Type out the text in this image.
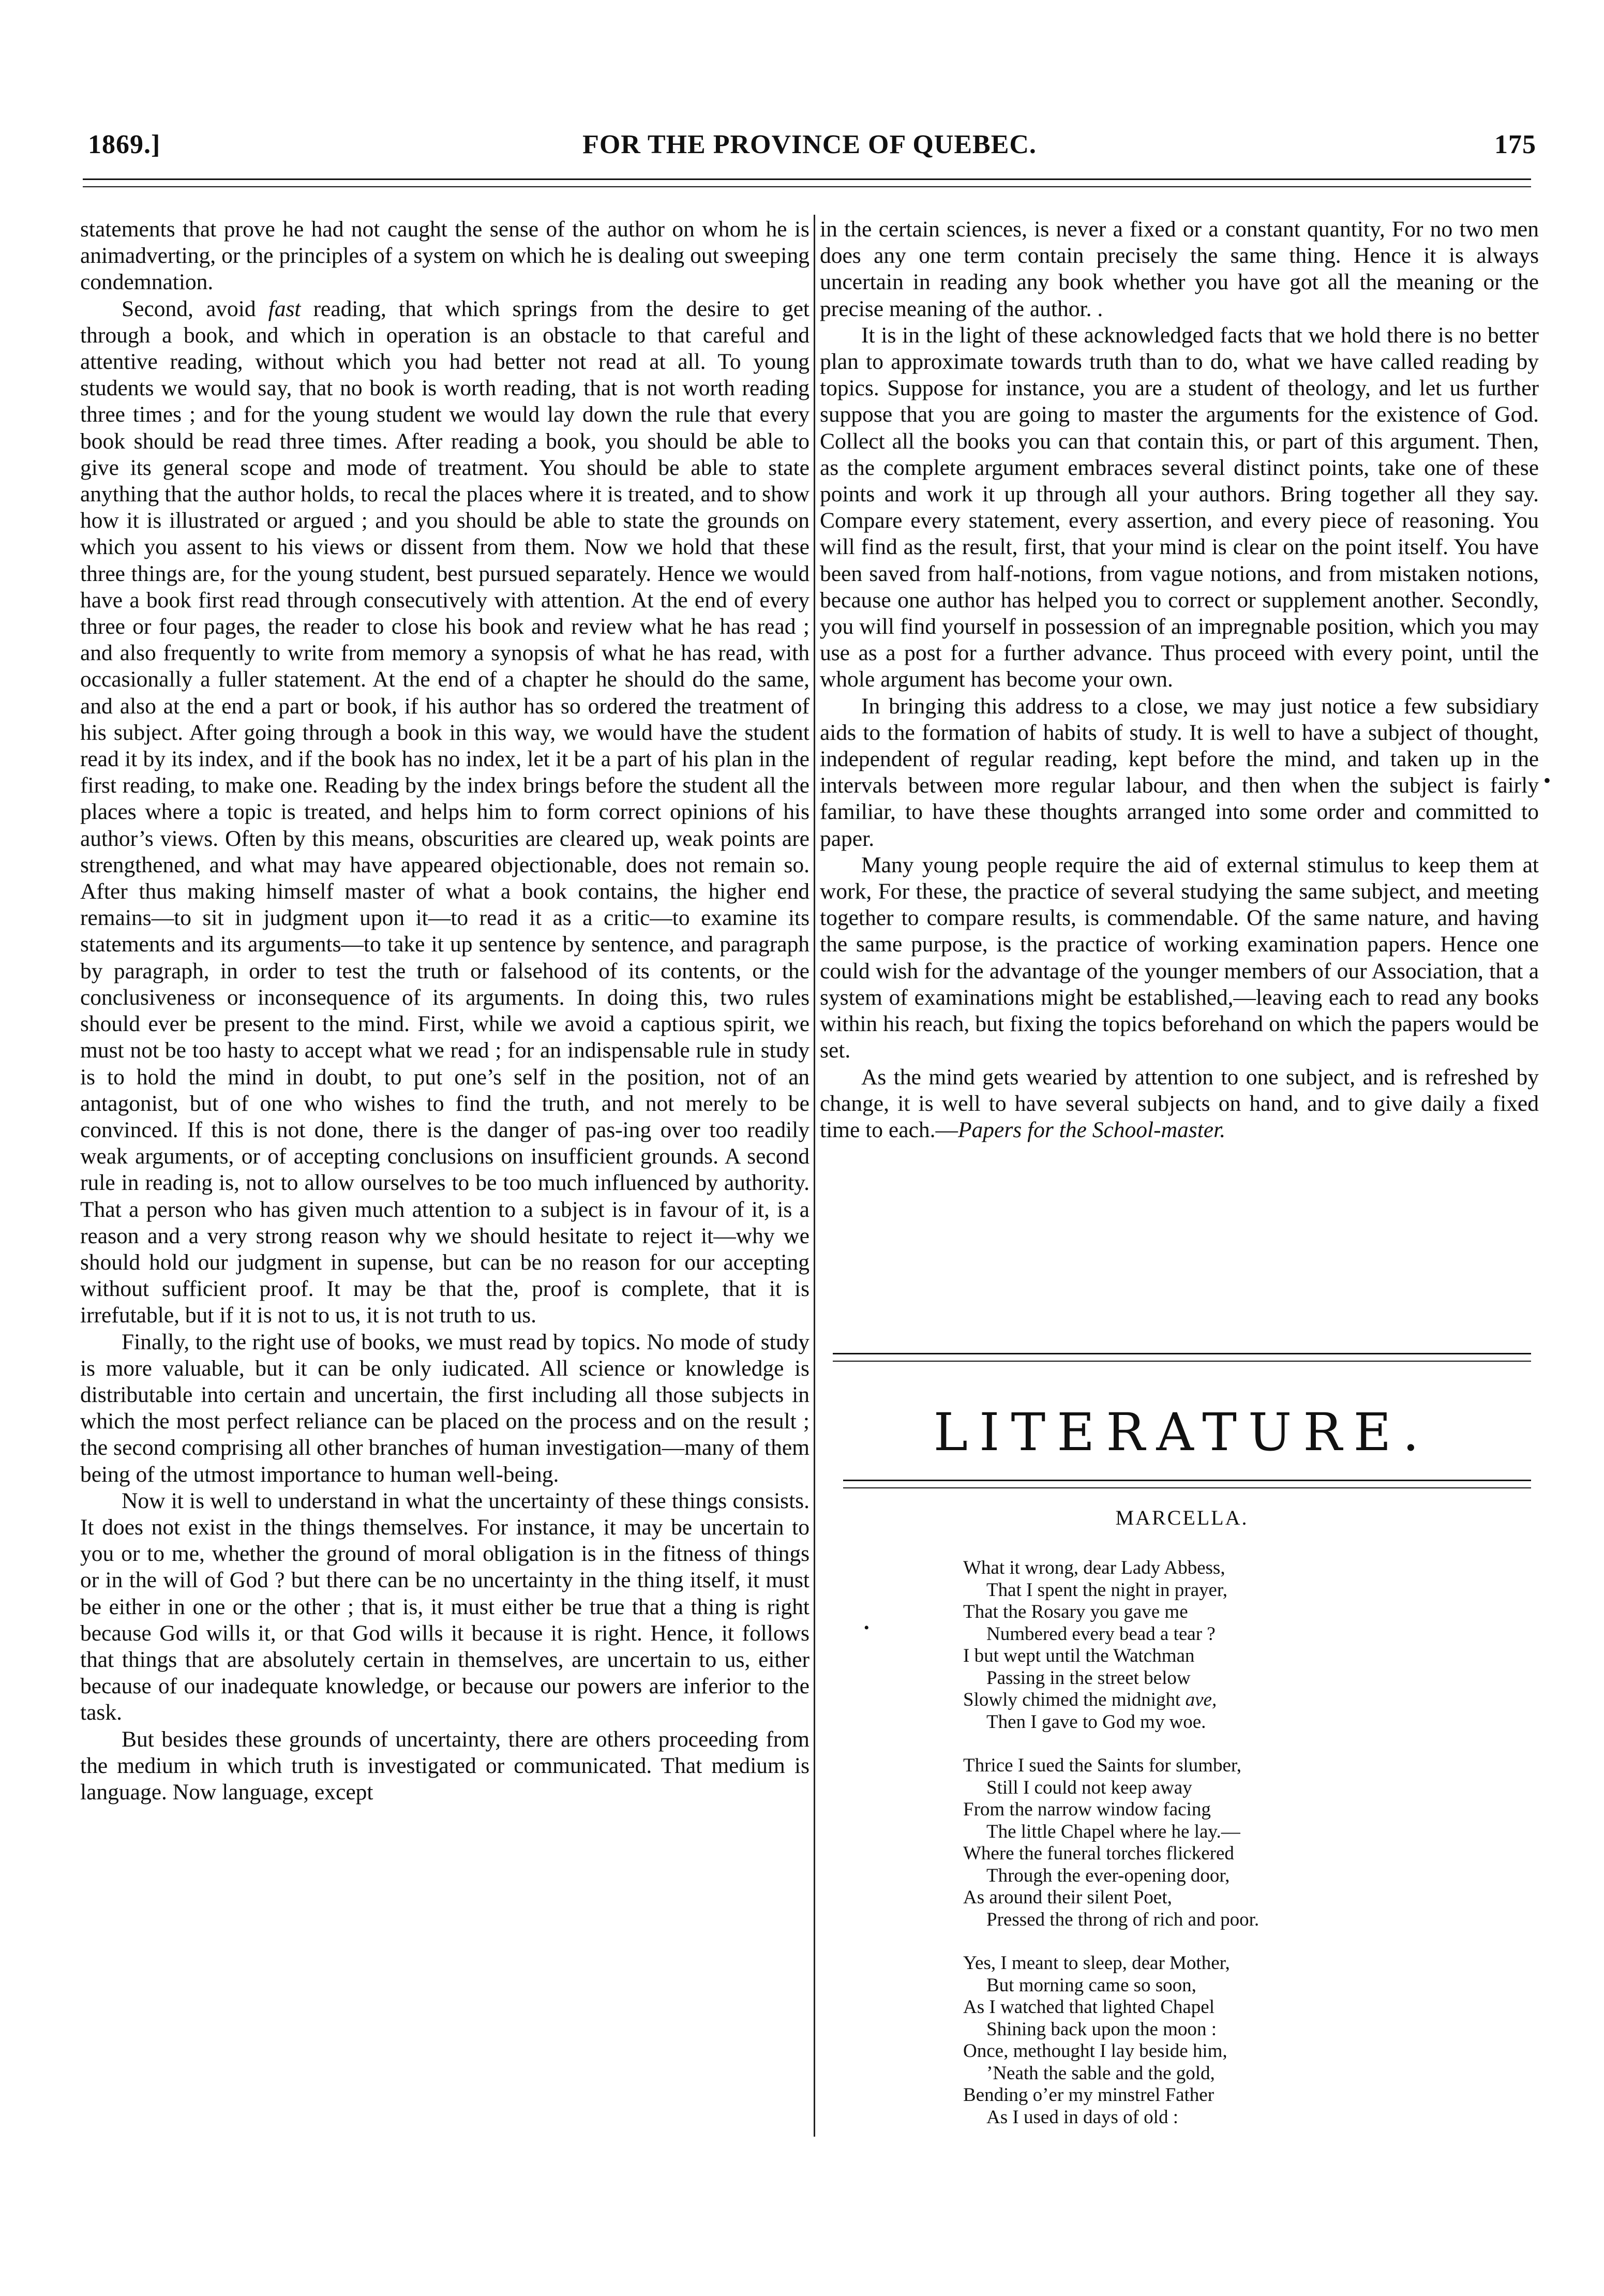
1869.]	FOR THE PROVINCE OF QUEBEC.	175

statements that prove he had not caught the sense of the author on whom he is animadverting, or the principles of a system on which he is dealing out sweeping condemnation.

Second, avoid fast reading, that which springs from the desire to get through a book, and which in operation is an obstacle to that careful and attentive reading, without which you had better not read at all. To young students we would say, that no book is worth reading, that is not worth reading three times ; and for the young student we would lay down the rule that every book should be read three times. After reading a book, you should be able to give its general scope and mode of treatment. You should be able to state anything that the author holds, to recal the places where it is treated, and to show how it is illustrated or argued ; and you should be able to state the grounds on which you assent to his views or dissent from them. Now we hold that these three things are, for the young student, best pursued separately. Hence we would have a book first read through consecutively with attention. At the end of every three or four pages, the reader to close his book and review what he has read ; and also frequently to write from memory a synopsis of what he has read, with occasionally a fuller statement. At the end of a chapter he should do the same, and also at the end a part or book, if his author has so ordered the treatment of his subject. After going through a book in this way, we would have the student read it by its index, and if the book has no index, let it be a part of his plan in the first reading, to make one. Reading by the index brings before the student all the places where a topic is treated, and helps him to form correct opinions of his author’s views. Often by this means, obscurities are cleared up, weak points are strengthened, and what may have appeared objectionable, does not remain so. After thus making himself master of what a book contains, the higher end remains—to sit in judgment upon it—to read it as a critic—to examine its statements and its arguments—to take it up sentence by sentence, and paragraph by paragraph, in order to test the truth or falsehood of its contents, or the conclusiveness or inconsequence of its arguments. In doing this, two rules should ever be present to the mind. First, while we avoid a captious spirit, we must not be too hasty to accept what we read ; for an indispensable rule in study is to hold the mind in doubt, to put one’s self in the position, not of an antagonist, but of one who wishes to find the truth, and not merely to be convinced. If this is not done, there is the danger of pas-ing over too readily weak arguments, or of accepting conclusions on insufficient grounds. A second rule in reading is, not to allow ourselves to be too much influenced by authority. That a person who has given much attention to a subject is in favour of it, is a reason and a very strong reason why we should hesitate to reject it—why we should hold our judgment in supense, but can be no reason for our accepting without sufficient proof. It may be that the, proof is complete, that it is irrefutable, but if it is not to us, it is not truth to us.

Finally, to the right use of books, we must read by topics. No mode of study is more valuable, but it can be only iudicated. All science or knowledge is distributable into certain and uncertain, the first including all those subjects in which the most perfect reliance can be placed on the process and on the result ; the second comprising all other branches of human investigation—many of them being of the utmost importance to human well-being.

Now it is well to understand in what the uncertainty of these things consists. It does not exist in the things themselves. For instance, it may be uncertain to you or to me, whether the ground of moral obligation is in the fitness of things or in the will of God ? but there can be no uncertainty in the thing itself, it must be either in one or the other ; that is, it must either be true that a thing is right because God wills it, or that God wills it because it is right. Hence, it follows that things that are absolutely certain in themselves, are uncertain to us, either because of our inadequate knowledge, or because our powers are inferior to the task.

But besides these grounds of uncertainty, there are others proceeding from the medium in which truth is investigated or communicated. That medium is language. Now language, except

in the certain sciences, is never a fixed or a constant quantity, For no two men does any one term contain precisely the same thing. Hence it is always uncertain in reading any book whether you have got all the meaning or the precise meaning of the author. .

It is in the light of these acknowledged facts that we hold there is no better plan to approximate towards truth than to do, what we have called reading by topics. Suppose for instance, you are a student of theology, and let us further suppose that you are going to master the arguments for the existence of God. Collect all the books you can that contain this, or part of this argument. Then, as the complete argument embraces several distinct points, take one of these points and work it up through all your authors. Bring together all they say. Compare every statement, every assertion, and every piece of reasoning. You will find as the result, first, that your mind is clear on the point itself. You have been saved from half-notions, from vague notions, and from mistaken notions, because one author has helped you to correct or supplement another. Secondly, you will find yourself in possession of an impregnable position, which you may use as a post for a further advance. Thus proceed with every point, until the whole argument has become your own.

In bringing this address to a close, we may just notice a few subsidiary aids to the formation of habits of study. It is well to have a subject of thought, independent of regular reading, kept before the mind, and taken up in the intervals between more regular labour, and then when the subject is fairly familiar, to have these thoughts arranged into some order and committed to paper.

Many young people require the aid of external stimulus to keep them at work, For these, the practice of several studying the same subject, and meeting together to compare results, is commendable. Of the same nature, and having the same purpose, is the practice of working examination papers. Hence one could wish for the advantage of the younger members of our Association, that a system of examinations might be established,—leaving each to read any books within his reach, but fixing the topics beforehand on which the papers would be set.

As the mind gets wearied by attention to one subject, and is refreshed by change, it is well to have several subjects on hand, and to give daily a fixed time to each.—Papers for the School-master.

LITERATURE.
MARCELLA.
What it wrong, dear Lady Abbess,
That I spent the night in prayer,
That the Rosary you gave me
Numbered every bead a tear ?
I but wept until the Watchman
Passing in the street below
Slowly chimed the midnight ave,
Then I gave to God my woe.
Thrice I sued the Saints for slumber,
Still I could not keep away
From the narrow window facing
The little Chapel where he lay.—
Where the funeral torches flickered
Through the ever-opening door,
As around their silent Poet,
Pressed the throng of rich and poor.
Yes, I meant to sleep, dear Mother,
But morning came so soon,
As I watched that lighted Chapel
Shining back upon the moon :
Once, methought I lay beside him,
’Neath the sable and the gold,
Bending o’er my minstrel Father
As I used in days of old :
•
•
